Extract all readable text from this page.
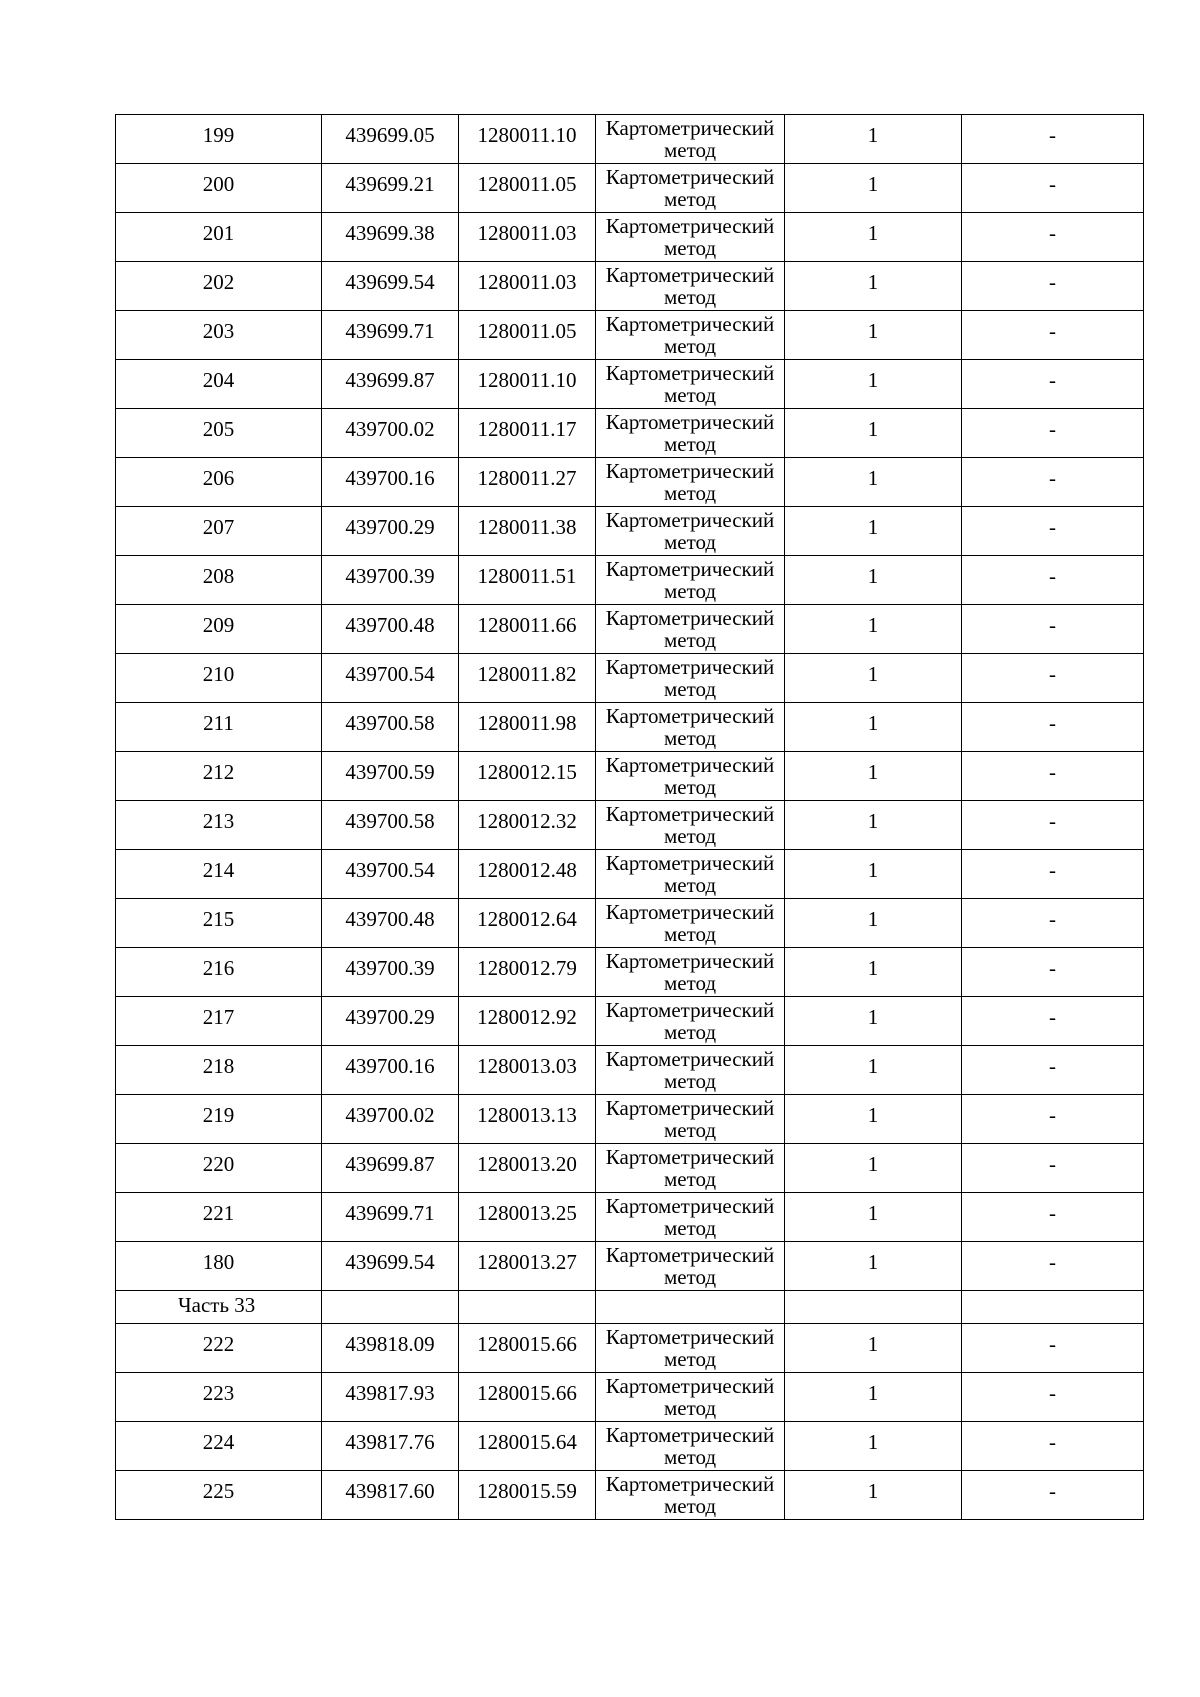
199	439699.05	1280011.10	Картометрический
метод	1	-
200	439699.21	1280011.05	Картометрический
метод	1	-
201	439699.38	1280011.03	Картометрический
метод	1	-
202	439699.54	1280011.03	Картометрический
метод	1	-
203	439699.71	1280011.05	Картометрический
метод	1	-
204	439699.87	1280011.10	Картометрический
метод	1	-
205	439700.02	1280011.17	Картометрический
метод	1	-
206	439700.16	1280011.27	Картометрический
метод	1	-
207	439700.29	1280011.38	Картометрический
метод	1	-
208	439700.39	1280011.51	Картометрический
метод	1	-
209	439700.48	1280011.66	Картометрический
метод	1	-
210	439700.54	1280011.82	Картометрический
метод	1	-
211	439700.58	1280011.98	Картометрический
метод	1	-
212	439700.59	1280012.15	Картометрический
метод	1	-
213	439700.58	1280012.32	Картометрический
метод	1	-
214	439700.54	1280012.48	Картометрический
метод	1	-
215	439700.48	1280012.64	Картометрический
метод	1	-
216	439700.39	1280012.79	Картометрический
метод	1	-
217	439700.29	1280012.92	Картометрический
метод	1	-
218	439700.16	1280013.03	Картометрический
метод	1	-
219	439700.02	1280013.13	Картометрический
метод	1	-
220	439699.87	1280013.20	Картометрический
метод	1	-
221	439699.71	1280013.25	Картометрический
метод	1	-
180	439699.54	1280013.27	Картометрический
метод	1	-
Часть 33					
222	439818.09	1280015.66	Картометрический
метод	1	-
223	439817.93	1280015.66	Картометрический
метод	1	-
224	439817.76	1280015.64	Картометрический
метод	1	-
225	439817.60	1280015.59	Картометрический
метод	1	-
